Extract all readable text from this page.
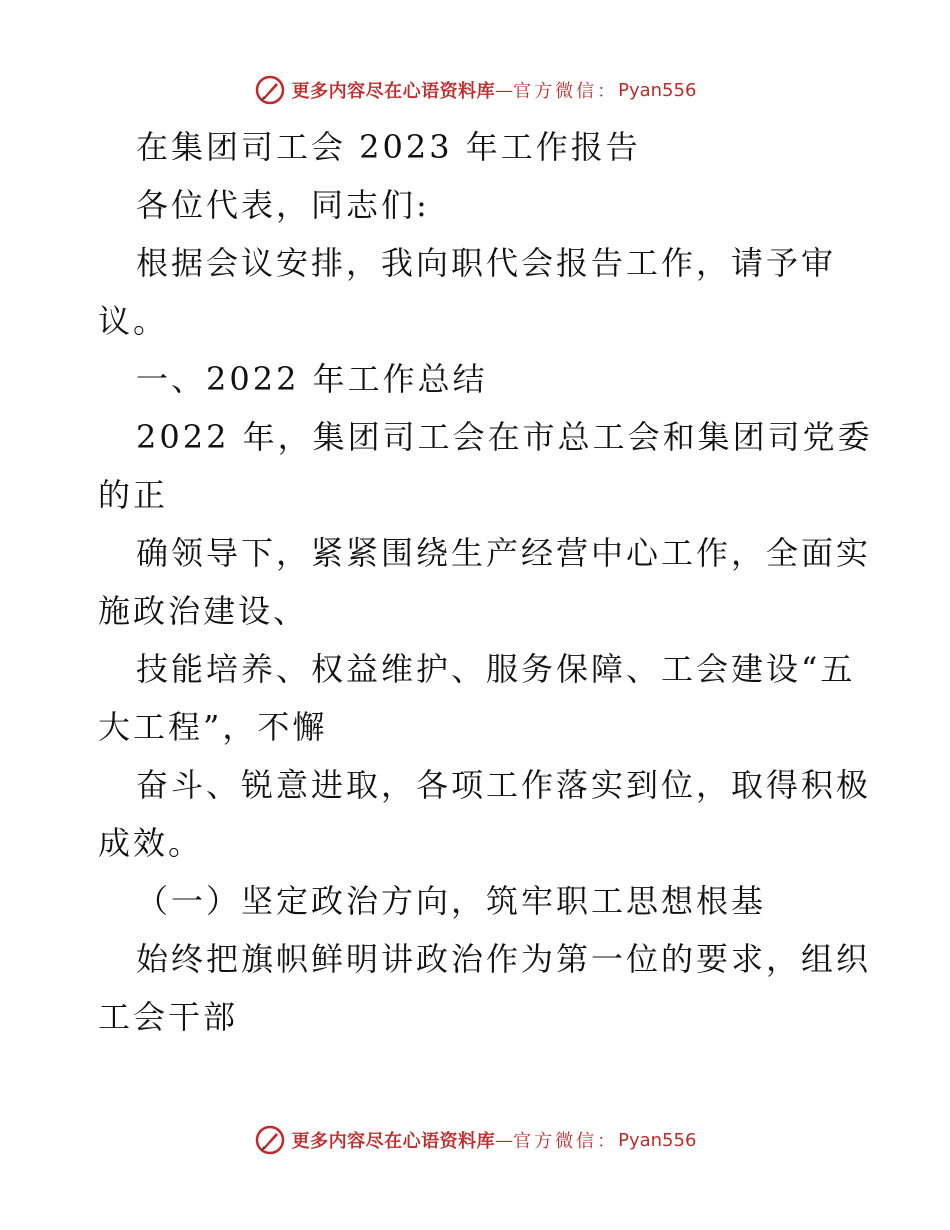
更多内容尽在心语资料库 — 官方微信： Pyan556
在集团司工会 2023 年工作报告
各位代表，同志们:
根据会议安排，我向职代会报告工作，请予审
议。
一、2022 年工作总结
2022 年，集团司工会在市总工会和集团司党委
的正
确领导下，紧紧围绕生产经营中心工作，全面实
施政治建设、
技能培养、权益维护、服务保障、工会建设“五
大工程”，不懈
奋斗、锐意进取，各项工作落实到位，取得积极
成效。
（一）坚定政治方向，筑牢职工思想根基
始终把旗帜鲜明讲政治作为第一位的要求，组织
工会干部
更多内容尽在心语资料库 — 官方微信： Pyan556
